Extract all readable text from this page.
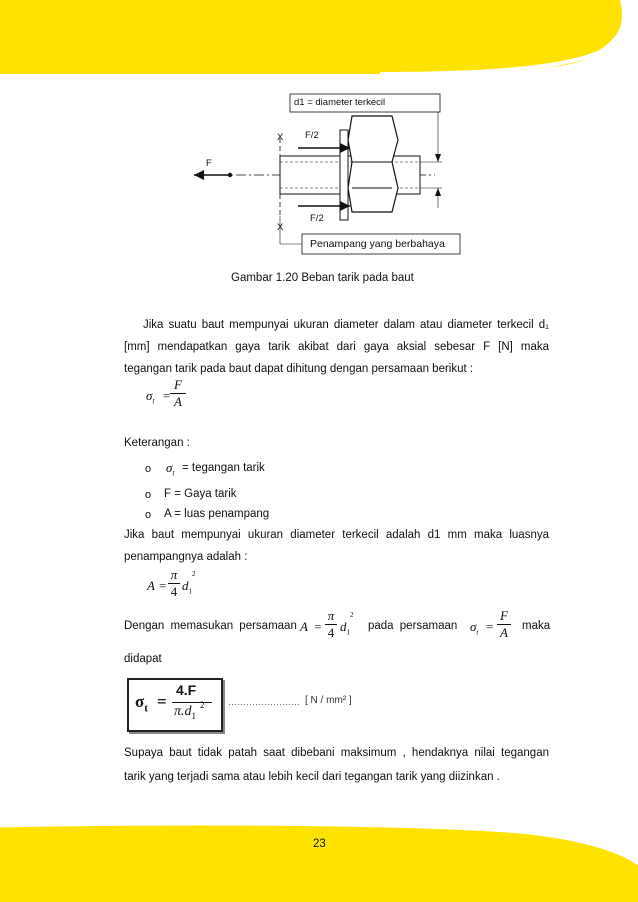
d1 = diameter terkecil
X
X
F/2
F/2
F
Penampang yang berbahaya
Gambar 1.20 Beban tarik pada baut
Jika suatu baut mempunyai ukuran diameter dalam atau diameter terkecil d₁
[mm] mendapatkan gaya tarik akibat dari gaya aksial sebesar F [N] maka
tegangan tarik pada baut dapat dihitung dengan persamaan berikut :
$\sigma_t$ =
F
A
Keterangan :
o $\sigma_t$ = tegangan tarik
o F = Gaya tarik
o A = luas penampang
Jika baut mempunyai ukuran diameter terkecil adalah d1 mm maka luasnya
penampangnya adalah :
A =
π
4 $d_1$
2
Dengan memasukan persamaan A =
π
4 $d_1$
2
pada persamaan $\sigma_t$ =
F
A maka
didapat
$\sigma_t$ =
4.F
$\pi.d_1$
2	…………………… [ N / mm² ]
Supaya baut tidak patah saat dibebani maksimum , hendaknya nilai tegangan
tarik yang terjadi sama atau lebih kecil dari tegangan tarik yang diizinkan .
23
